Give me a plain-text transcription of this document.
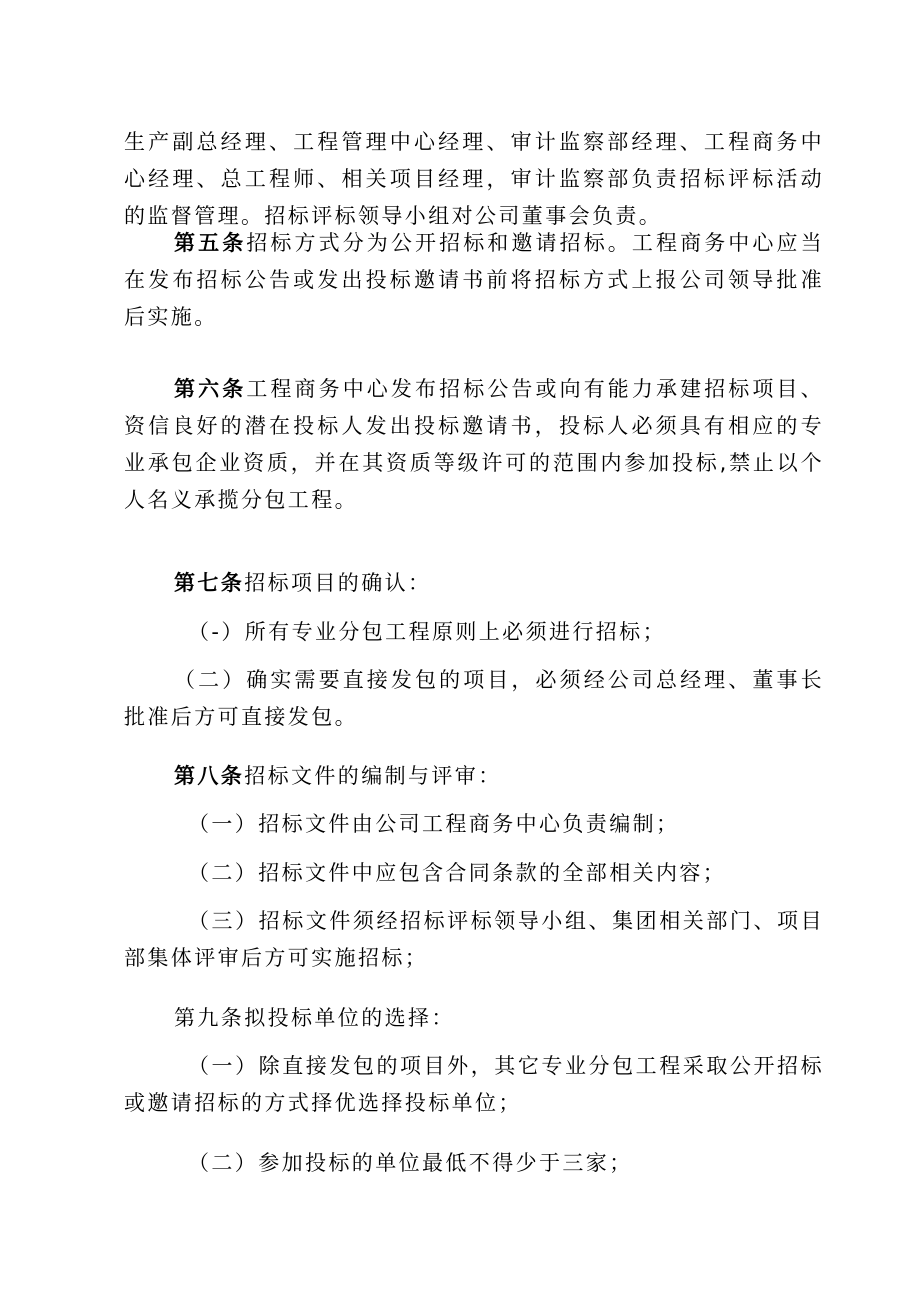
生产副总经理、工程管理中心经理、审计监察部经理、工程商务中心经理、总工程师、相关项目经理，审计监察部负责招标评标活动的监督管理。招标评标领导小组对公司董事会负责。

第五条招标方式分为公开招标和邀请招标。工程商务中心应当在发布招标公告或发出投标邀请书前将招标方式上报公司领导批准后实施。

第六条工程商务中心发布招标公告或向有能力承建招标项目、资信良好的潜在投标人发出投标邀请书，投标人必须具有相应的专业承包企业资质，并在其资质等级许可的范围内参加投标,禁止以个人名义承揽分包工程。

第七条招标项目的确认：

（-）所有专业分包工程原则上必须进行招标；

（二）确实需要直接发包的项目，必须经公司总经理、董事长批准后方可直接发包。

第八条招标文件的编制与评审：

（一）招标文件由公司工程商务中心负责编制；

（二）招标文件中应包含合同条款的全部相关内容；

（三）招标文件须经招标评标领导小组、集团相关部门、项目部集体评审后方可实施招标；

第九条拟投标单位的选择：

（一）除直接发包的项目外，其它专业分包工程采取公开招标或邀请招标的方式择优选择投标单位；

（二）参加投标的单位最低不得少于三家；
